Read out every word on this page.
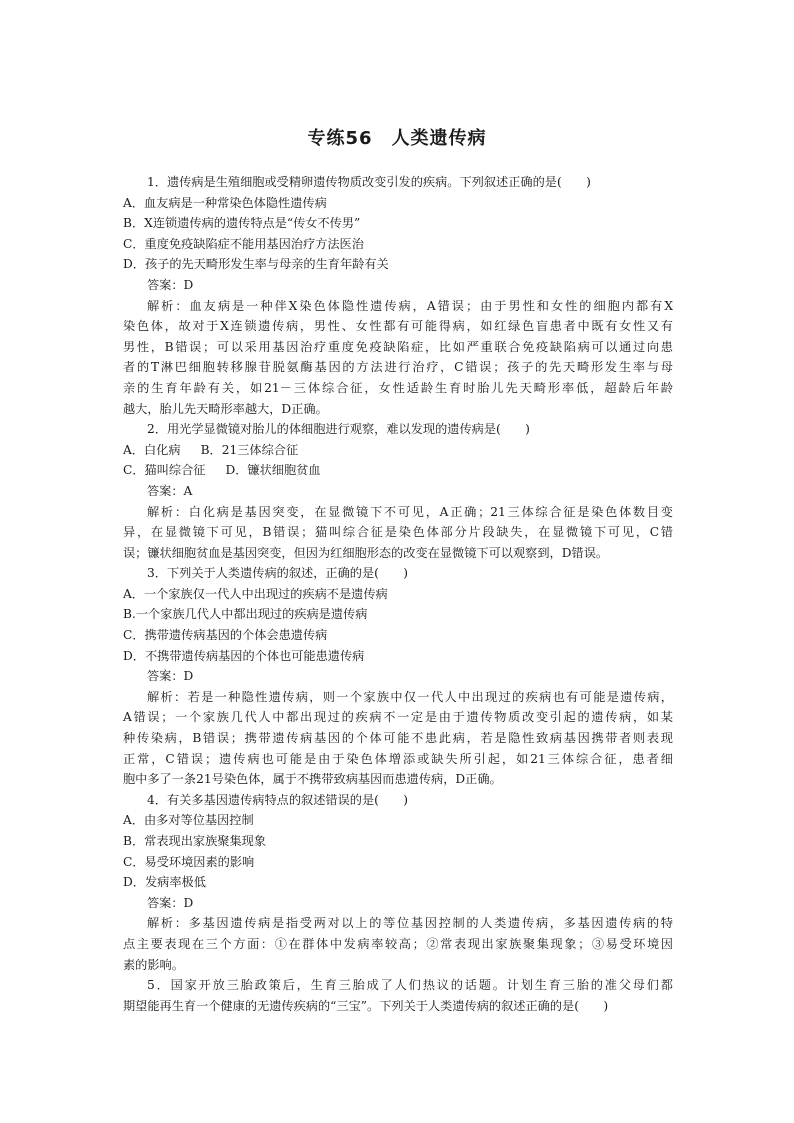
专练56　人类遗传病
1．遗传病是生殖细胞或受精卵遗传物质改变引发的疾病。下列叙述正确的是(　　)
A．血友病是一种常染色体隐性遗传病
B．X连锁遗传病的遗传特点是“传女不传男”
C．重度免疫缺陷症不能用基因治疗方法医治
D．孩子的先天畸形发生率与母亲的生育年龄有关
答案：D
解析：血友病是一种伴X染色体隐性遗传病，A错误；由于男性和女性的细胞内都有X
染色体，故对于X连锁遗传病，男性、女性都有可能得病，如红绿色盲患者中既有女性又有
男性，B错误；可以采用基因治疗重度免疫缺陷症，比如严重联合免疫缺陷病可以通过向患
者的T淋巴细胞转移腺苷脱氨酶基因的方法进行治疗，C错误；孩子的先天畸形发生率与母
亲的生育年龄有关，如21－三体综合征，女性适龄生育时胎儿先天畸形率低，超龄后年龄
越大，胎儿先天畸形率越大，D正确。
2．用光学显微镜对胎儿的体细胞进行观察，难以发现的遗传病是(　　)
A．白化病 B．21三体综合征
C．猫叫综合征 D．镰状细胞贫血
答案：A
解析：白化病是基因突变，在显微镜下不可见，A正确；21三体综合征是染色体数目变
异，在显微镜下可见，B错误；猫叫综合征是染色体部分片段缺失，在显微镜下可见，C错
误；镰状细胞贫血是基因突变，但因为红细胞形态的改变在显微镜下可以观察到，D错误。
3．下列关于人类遗传病的叙述，正确的是(　　)
A．一个家族仅一代人中出现过的疾病不是遗传病
B.一个家族几代人中都出现过的疾病是遗传病
C．携带遗传病基因的个体会患遗传病
D．不携带遗传病基因的个体也可能患遗传病
答案：D
解析：若是一种隐性遗传病，则一个家族中仅一代人中出现过的疾病也有可能是遗传病，
A错误；一个家族几代人中都出现过的疾病不一定是由于遗传物质改变引起的遗传病，如某
种传染病，B错误；携带遗传病基因的个体可能不患此病，若是隐性致病基因携带者则表现
正常，C错误；遗传病也可能是由于染色体增添或缺失所引起，如21三体综合征，患者细
胞中多了一条21号染色体，属于不携带致病基因而患遗传病，D正确。
4．有关多基因遗传病特点的叙述错误的是(　　)
A．由多对等位基因控制
B．常表现出家族聚集现象
C．易受环境因素的影响
D．发病率极低
答案：D
解析：多基因遗传病是指受两对以上的等位基因控制的人类遗传病，多基因遗传病的特
点主要表现在三个方面：①在群体中发病率较高；②常表现出家族聚集现象；③易受环境因
素的影响。
5．国家开放三胎政策后，生育三胎成了人们热议的话题。计划生育三胎的准父母们都
期望能再生育一个健康的无遗传疾病的“三宝”。下列关于人类遗传病的叙述正确的是(　　)
